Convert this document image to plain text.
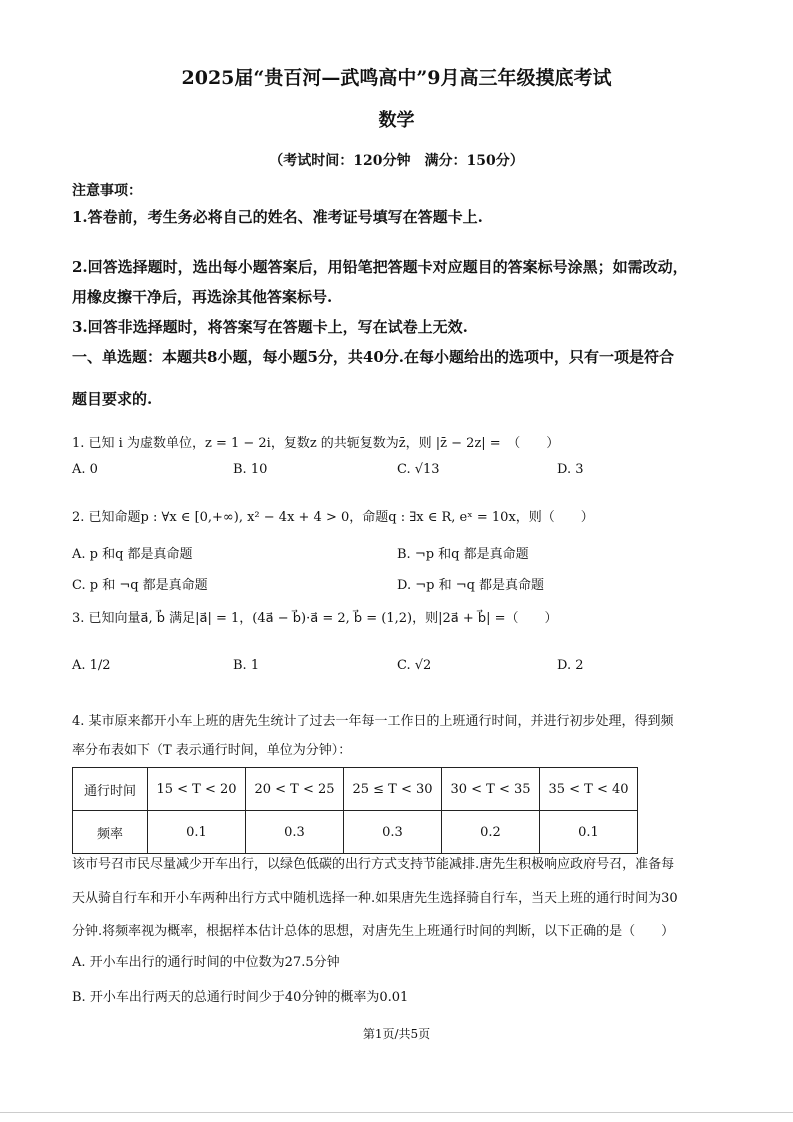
2025届“贵百河—武鸣高中”9月高三年级摸底考试
数学
（考试时间：120分钟　满分：150分）
注意事项：
1.答卷前，考生务必将自己的姓名、准考证号填写在答题卡上.
2.回答选择题时，选出每小题答案后，用铅笔把答题卡对应题目的答案标号涂黑；如需改动，
用橡皮擦干净后，再选涂其他答案标号.
3.回答非选择题时，将答案写在答题卡上，写在试卷上无效.
一、单选题：本题共8小题，每小题5分，共40分.在每小题给出的选项中，只有一项是符合
题目要求的.
1. 已知 i 为虚数单位，z = 1 − 2i，复数z 的共轭复数为z̄，则 |z̄ − 2z| =　（　　）
A. 0	B. 10	C. √13	D. 3
2. 已知命题p : ∀x ∈ [0,+∞), x² − 4x + 4 > 0，命题q : ∃x ∈ R, eˣ = 10x，则（　　）
A. p 和q 都是真命题	B. ¬p 和q 都是真命题
C. p 和 ¬q 都是真命题	D. ¬p 和 ¬q 都是真命题
3. 已知向量a⃗, b⃗ 满足|a⃗| = 1，(4a⃗ − b⃗)·a⃗ = 2, b⃗ = (1,2)，则|2a⃗ + b⃗| =（　　）
A. 1/2	B. 1	C. √2	D. 2
4. 某市原来都开小车上班的唐先生统计了过去一年每一工作日的上班通行时间，并进行初步处理，得到频
率分布表如下（T 表示通行时间，单位为分钟）：
通行时间	15 < T < 20	20 < T < 25	25 ≤ T < 30	30 < T < 35	35 < T < 40
频率	0.1	0.3	0.3	0.2	0.1
该市号召市民尽量减少开车出行，以绿色低碳的出行方式支持节能减排.唐先生积极响应政府号召，准备每
天从骑自行车和开小车两种出行方式中随机选择一种.如果唐先生选择骑自行车，当天上班的通行时间为30
分钟.将频率视为概率，根据样本估计总体的思想，对唐先生上班通行时间的判断，以下正确的是（　　）
A. 开小车出行的通行时间的中位数为27.5分钟
B. 开小车出行两天的总通行时间少于40分钟的概率为0.01
第1页/共5页
